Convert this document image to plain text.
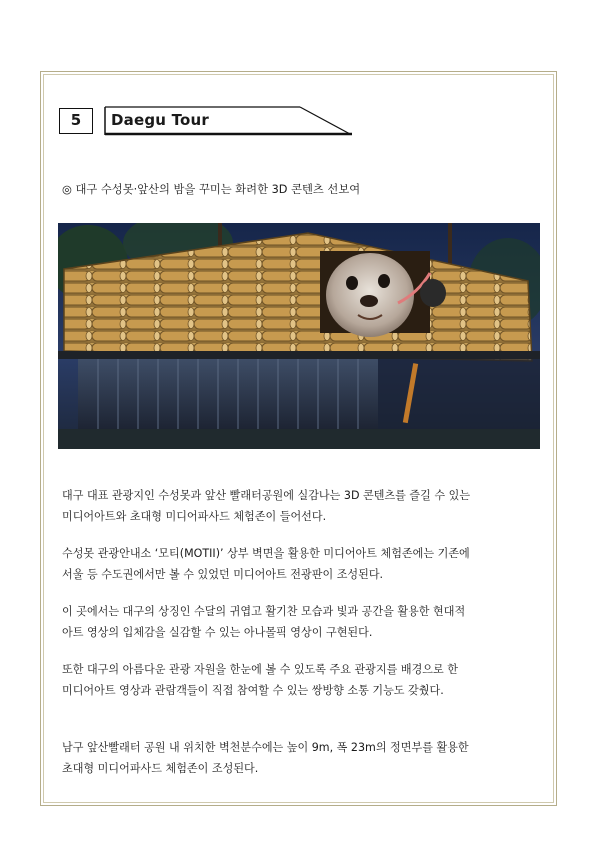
5	Daegu Tour
◎ 대구 수성못·앞산의 밤을 꾸미는 화려한 3D 콘텐츠 선보여
대구 대표 관광지인 수성못과 앞산 빨래터공원에 실감나는 3D 콘텐츠를 즐길 수 있는
미디어아트와 초대형 미디어파사드 체험존이 들어선다.
수성못 관광안내소 ‘모티(MOTII)’ 상부 벽면을 활용한 미디어아트 체험존에는 기존에
서울 등 수도권에서만 볼 수 있었던 미디어아트 전광판이 조성된다.
이 곳에서는 대구의 상징인 수달의 귀엽고 활기찬 모습과 빛과 공간을 활용한 현대적
아트 영상의 입체감을 실감할 수 있는 아나몰픽 영상이 구현된다.
또한 대구의 아름다운 관광 자원을 한눈에 볼 수 있도록 주요 관광지를 배경으로 한
미디어아트 영상과 관람객들이 직접 참여할 수 있는 쌍방향 소통 기능도 갖췄다.
남구 앞산빨래터 공원 내 위치한 벽천분수에는 높이 9m, 폭 23m의 정면부를 활용한
초대형 미디어파사드 체험존이 조성된다.
